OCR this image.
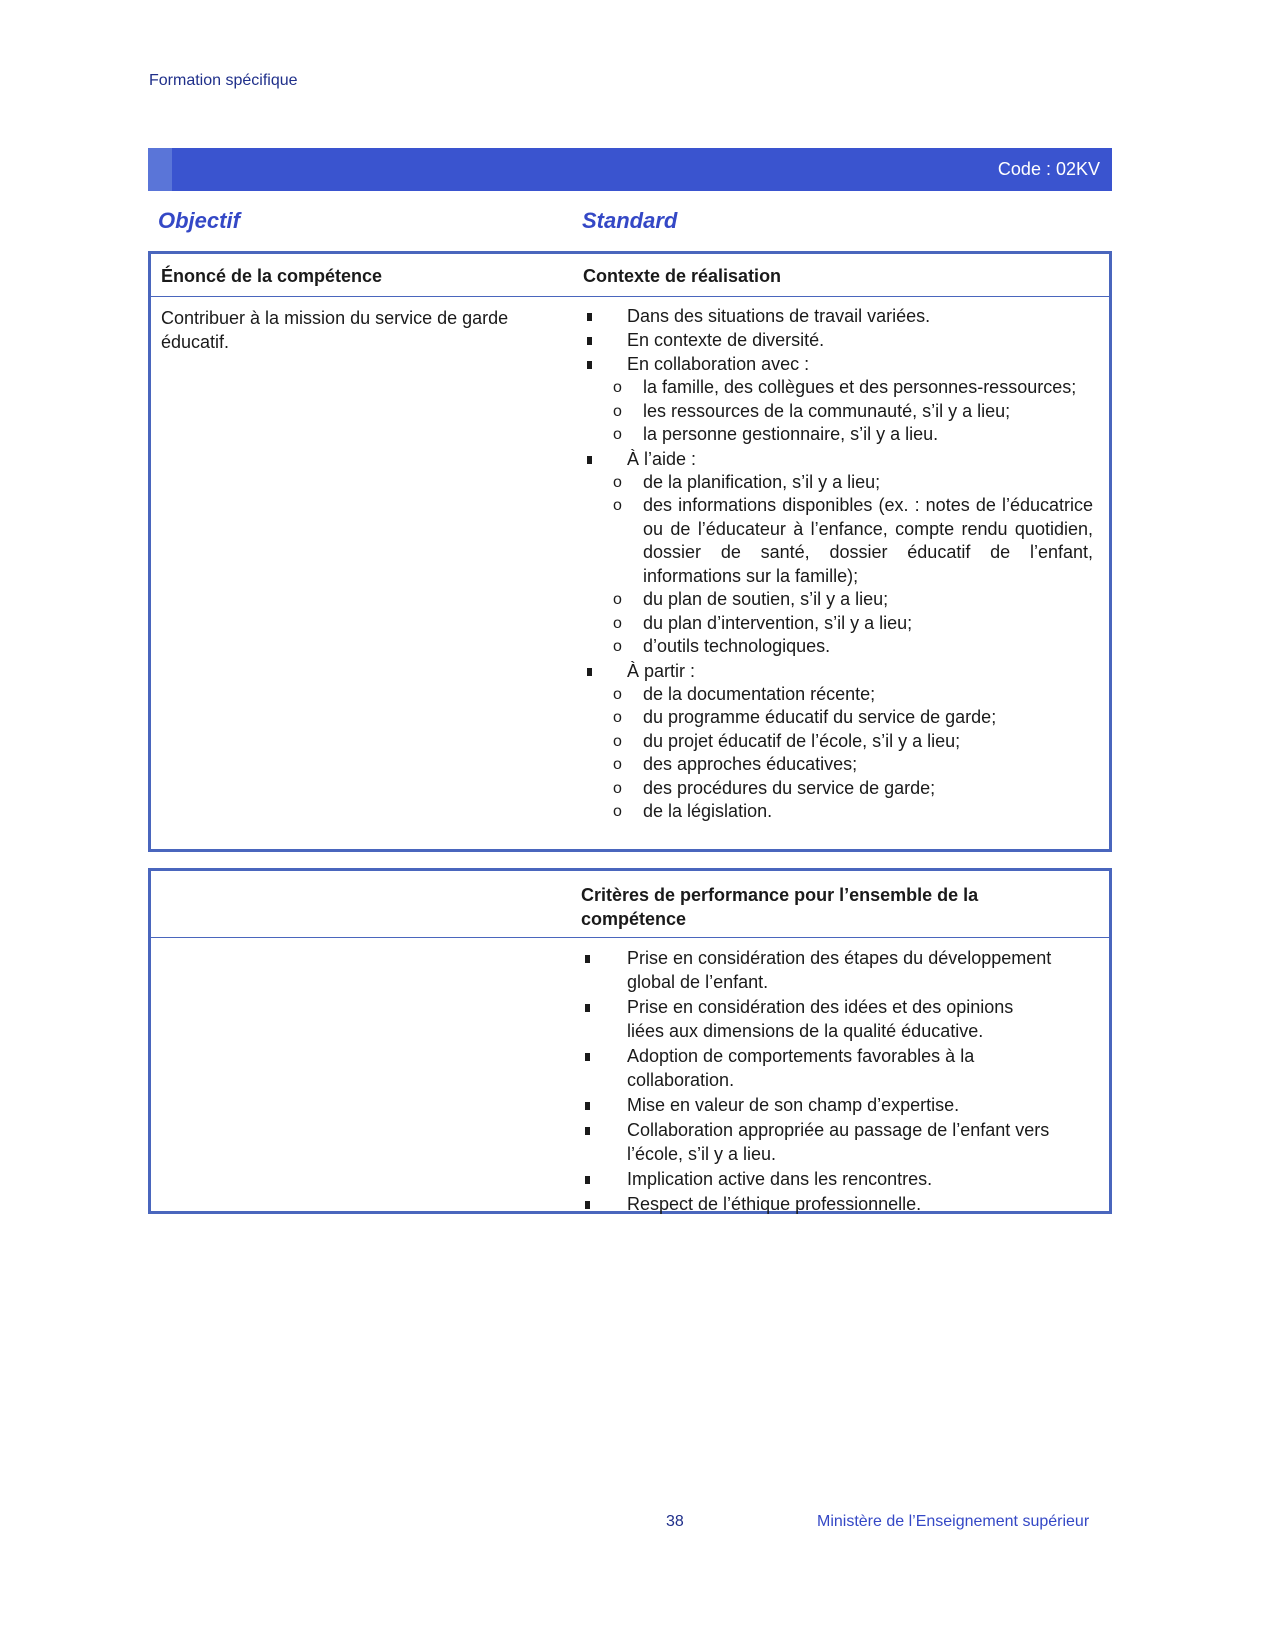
Formation spécifique
Code : 02KV
Objectif	Standard
Énoncé de la compétence	Contexte de réalisation
Contribuer à la mission du service de garde éducatif.
Dans des situations de travail variées.
En contexte de diversité.
En collaboration avec :
o la famille, des collègues et des personnes-ressources;
o les ressources de la communauté, s’il y a lieu;
o la personne gestionnaire, s’il y a lieu.
À l’aide :
o de la planification, s’il y a lieu;
o des informations disponibles (ex. : notes de l’éducatrice ou de l’éducateur à l’enfance, compte rendu quotidien, dossier de santé, dossier éducatif de l’enfant, informations sur la famille);
o du plan de soutien, s’il y a lieu;
o du plan d’intervention, s’il y a lieu;
o d’outils technologiques.
À partir :
o de la documentation récente;
o du programme éducatif du service de garde;
o du projet éducatif de l’école, s’il y a lieu;
o des approches éducatives;
o des procédures du service de garde;
o de la législation.
Critères de performance pour l’ensemble de la compétence
Prise en considération des étapes du développement global de l’enfant.
Prise en considération des idées et des opinions liées aux dimensions de la qualité éducative.
Adoption de comportements favorables à la collaboration.
Mise en valeur de son champ d’expertise.
Collaboration appropriée au passage de l’enfant vers l’école, s’il y a lieu.
Implication active dans les rencontres.
Respect de l’éthique professionnelle.
38	Ministère de l’Enseignement supérieur
